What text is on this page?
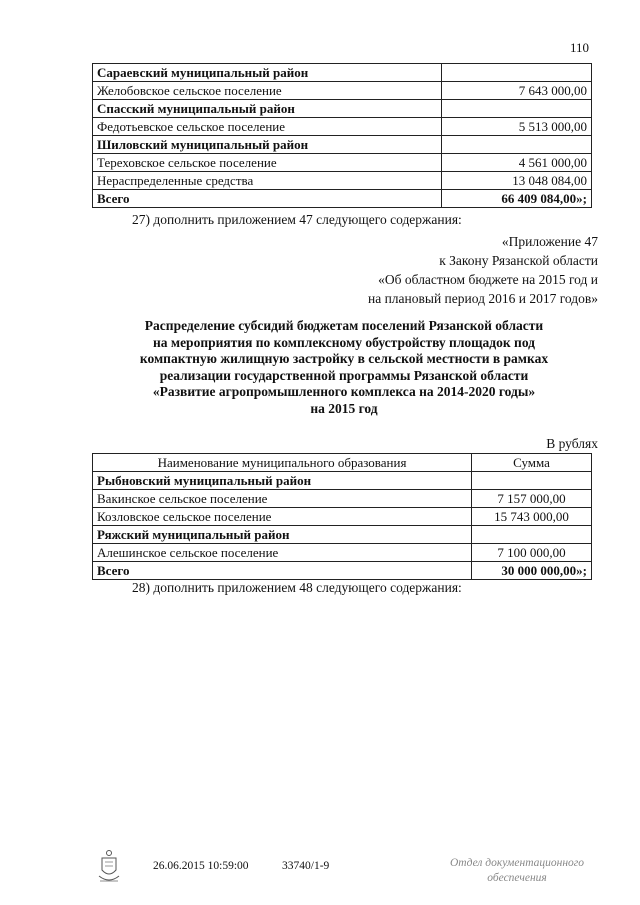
110
Сараевский муниципальный район	
Желобовское сельское поселение	7 643 000,00
Спасский муниципальный район	
Федотьевское сельское поселение	5 513 000,00
Шиловский муниципальный район	
Тереховское сельское поселение	4 561 000,00
Нераспределенные средства	13 048 084,00
Всего	66 409 084,00»;
27) дополнить приложением 47 следующего содержания:
«Приложение 47
к Закону Рязанской области
«Об областном бюджете на 2015 год и
на плановый период 2016 и 2017 годов»
Распределение субсидий бюджетам поселений Рязанской области
на мероприятия по комплексному обустройству площадок под
компактную жилищную застройку в сельской местности в рамках
реализации государственной программы Рязанской области
«Развитие агропромышленного комплекса на 2014-2020 годы»
на 2015 год
В рублях
Наименование муниципального образования	Сумма
Рыбновский муниципальный район	
Вакинское сельское поселение	7 157 000,00
Козловское сельское поселение	15 743 000,00
Ряжский муниципальный район	
Алешинское сельское поселение	7 100 000,00
Всего	30 000 000,00»;
28) дополнить приложением 48 следующего содержания:
26.06.2015 10:59:00	33740/1-9	Отдел документационного
обеспечения
